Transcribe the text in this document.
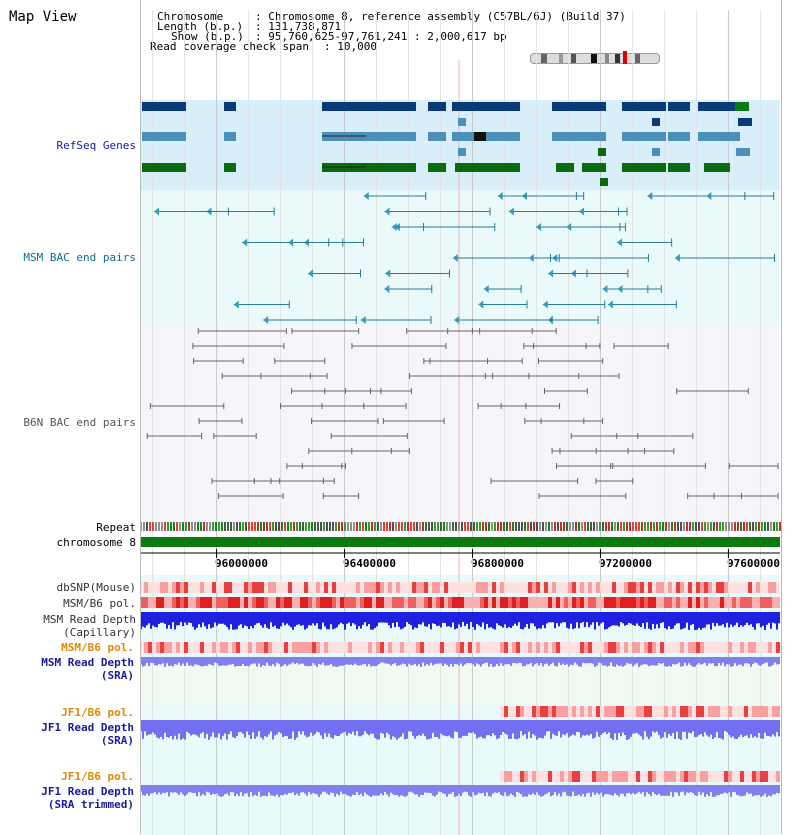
Map View	Chromosome	: Chromosome 8, reference assembly (C57BL/6J) (Build 37)
Length (b.p.) : 131,738,871
Show (b.p.) : 95,760,625-97,761,241 : 2,000,617 bp
Read coverage check span : 10,000
RefSeq Genes
MSM BAC end pairs
B6N BAC end pairs
Repeat
chromosome 8
dbSNP(Mouse)
MSM/B6 pol.
MSM Read Depth
(Capillary)
MSM/B6 pol.
MSM Read Depth
(SRA)
JF1/B6 pol.
JF1 Read Depth
(SRA)
JF1/B6 pol.
JF1 Read Depth
(SRA trimmed)
96000000	96400000	96800000	97200000	97600000
